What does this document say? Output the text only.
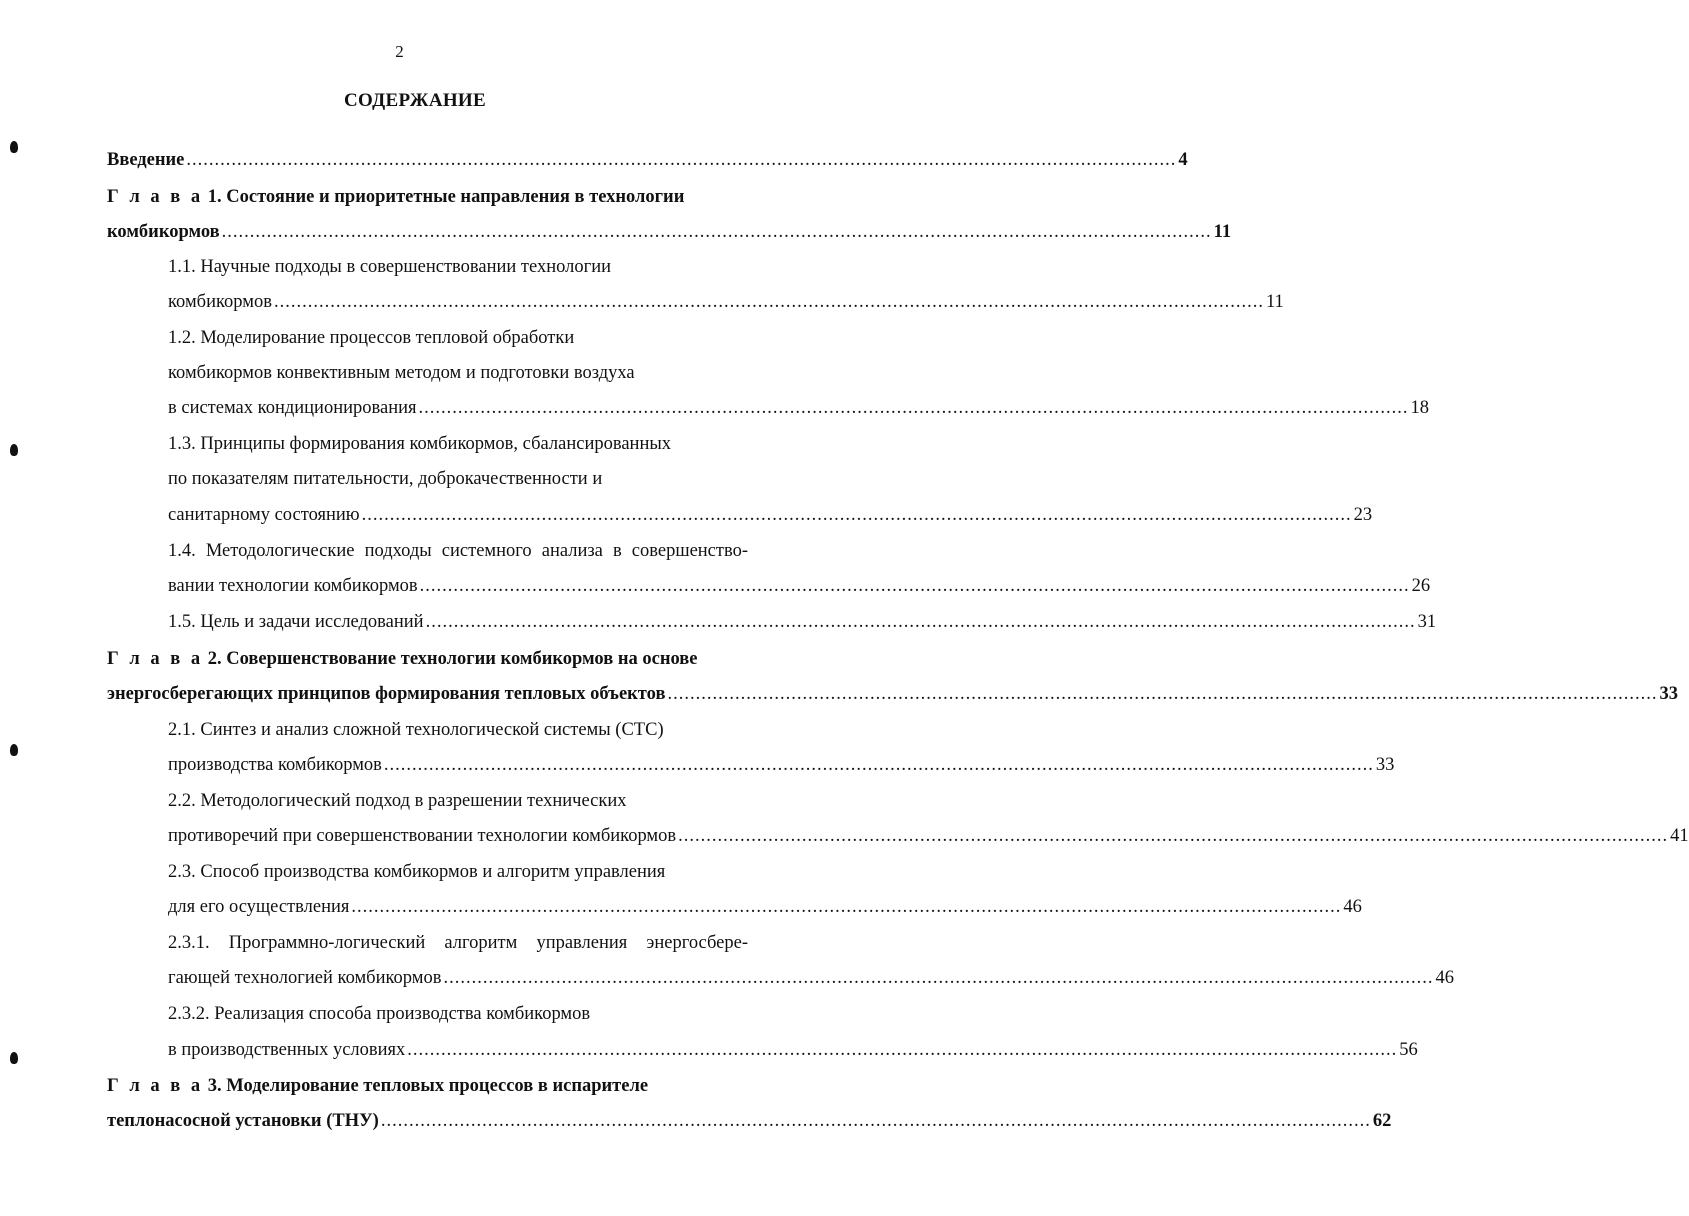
2
СОДЕРЖАНИЕ
Введение ................................................................................................................................................................................ 4
Г л а в а 1. Состояние и приоритетные направления в технологии
комбикормов ................................................................................................................................................................................ 11
1.1. Научные подходы в совершенствовании технологии
комбикормов ................................................................................................................................................................................ 11
1.2. Моделирование процессов тепловой обработки
комбикормов конвективным методом и подготовки воздуха
в системах кондиционирования ................................................................................................................................................................................ 18
1.3. Принципы формирования комбикормов, сбалансированных
по показателям питательности, доброкачественности и
санитарному состоянию ................................................................................................................................................................................ 23
1.4. Методологические подходы системного анализа в совершенство-
вании технологии комбикормов ................................................................................................................................................................................ 26
1.5. Цель и задачи исследований ................................................................................................................................................................................ 31
Г л а в а 2. Совершенствование технологии комбикормов на основе
энергосберегающих принципов формирования тепловых объектов ................................................................................................................................................................................ 33
2.1. Синтез и анализ сложной технологической системы (СТС)
производства комбикормов ................................................................................................................................................................................ 33
2.2. Методологический подход в разрешении технических
противоречий при совершенствовании технологии комбикормов ................................................................................................................................................................................ 41
2.3. Способ производства комбикормов и алгоритм управления
для его осуществления ................................................................................................................................................................................ 46
2.3.1. Программно-логический алгоритм управления энергосбере-
гающей технологией комбикормов ................................................................................................................................................................................ 46
2.3.2. Реализация способа производства комбикормов
в производственных условиях ................................................................................................................................................................................ 56
Г л а в а 3. Моделирование тепловых процессов в испарителе
теплонасосной установки (ТНУ) ................................................................................................................................................................................ 62
